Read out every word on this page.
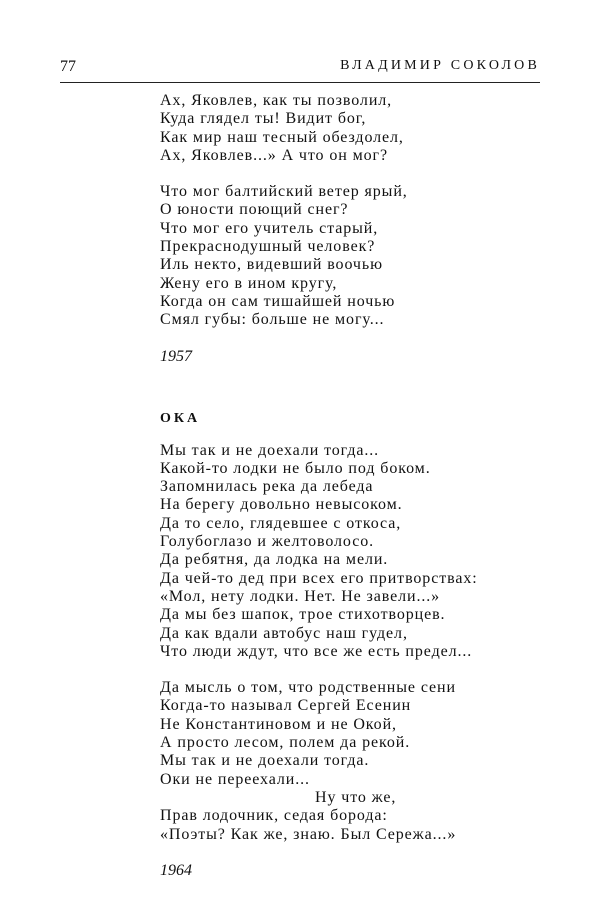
77	ВЛАДИМИР СОКОЛОВ
Ах, Яковлев, как ты позволил,
Куда глядел ты! Видит бог,
Как мир наш тесный обездолел,
Ах, Яковлев...» А что он мог?
Что мог балтийский ветер ярый,
О юности поющий снег?
Что мог его учитель старый,
Прекраснодушный человек?
Иль некто, видевший воочью
Жену его в ином кругу,
Когда он сам тишайшей ночью
Смял губы: больше не могу...
1957
ОКА
Мы так и не доехали тогда...
Какой-то лодки не было под боком.
Запомнилась река да лебеда
На берегу довольно невысоком.
Да то село, глядевшее с откоса,
Голубоглазо и желтоволосо.
Да ребятня, да лодка на мели.
Да чей-то дед при всех его притворствах:
«Мол, нету лодки. Нет. Не завели...»
Да мы без шапок, трое стихотворцев.
Да как вдали автобус наш гудел,
Что люди ждут, что все же есть предел...
Да мысль о том, что родственные сени
Когда-то называл Сергей Есенин
Не Константиновом и не Окой,
А просто лесом, полем да рекой.
Мы так и не доехали тогда.
Оки не переехали...
Ну что же,
Прав лодочник, седая борода:
«Поэты? Как же, знаю. Был Сережа...»
1964
